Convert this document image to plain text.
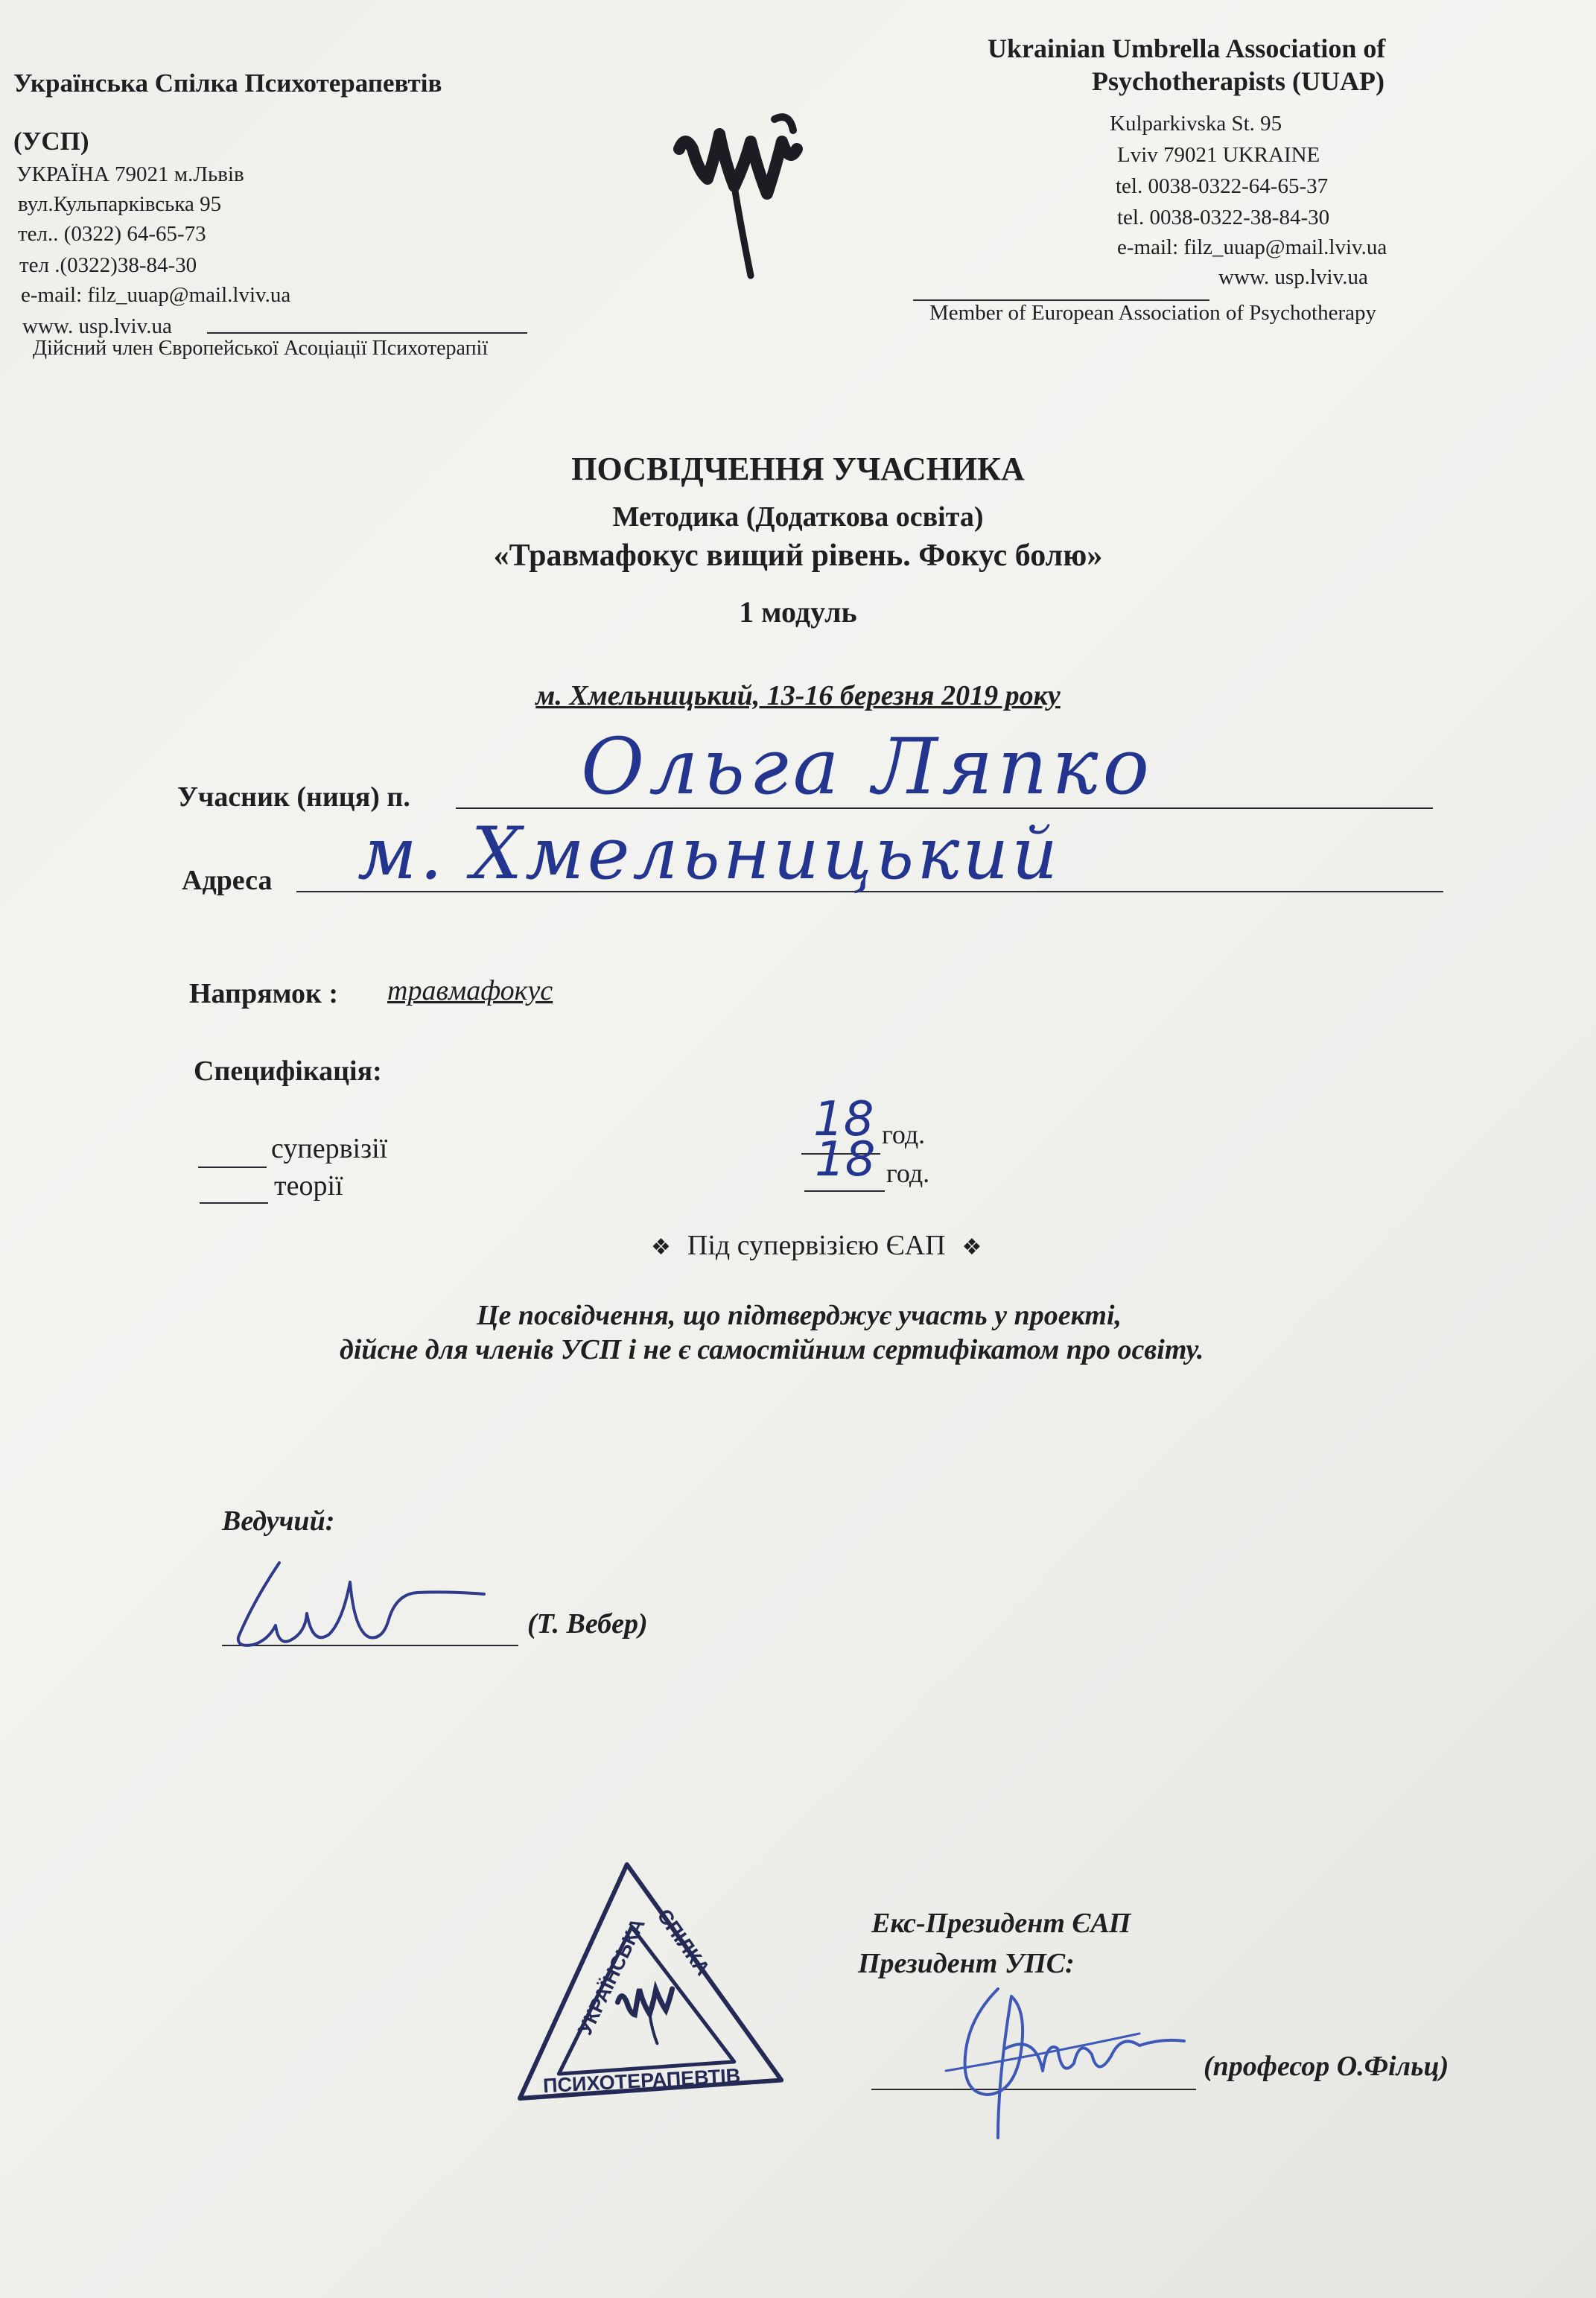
Українська Спілка Психотерапевтів
(УСП)
УКРАЇНА 79021 м.Львів
вул.Кульпарківська 95
тел.. (0322) 64-65-73
тел .(0322)38-84-30
e-mail: filz_uuap@mail.lviv.ua
www. usp.lviv.ua
Дійсний член Європейської Асоціації Психотерапії
Ukrainian Umbrella Association of
Psychotherapists (UUAP)
Kulparkivska St. 95
Lviv 79021 UKRAINE
tel. 0038-0322-64-65-37
tel. 0038-0322-38-84-30
e-mail: filz_uuap@mail.lviv.ua
www. usp.lviv.ua
Member of European Association of Psychotherapy
ПОСВІДЧЕННЯ УЧАСНИКА
Методика (Додаткова освіта)
«Травмафокус вищий рівень. Фокус болю»
1 модуль
м. Хмельницький, 13-16 березня 2019 року
Учасник (ниця) п. Ольга Ляпко
Адреса м. Хмельницький
Напрямок : травмафокус
Специфікація:
супервізії
теорії
18 год.
18 год.
❖ Під супервізією ЄАП ❖
Це посвідчення, що підтверджує участь у проекті,
дійсне для членів УСП і не є самостійним сертифікатом про освіту.
Ведучий:
(Т. Вебер)
УКРАЇНСЬКА СПІЛКА
ПСИХОТЕРАПЕВТІВ
Екс-Президент ЄАП
Президент УПС:
(професор О.Фільц)
